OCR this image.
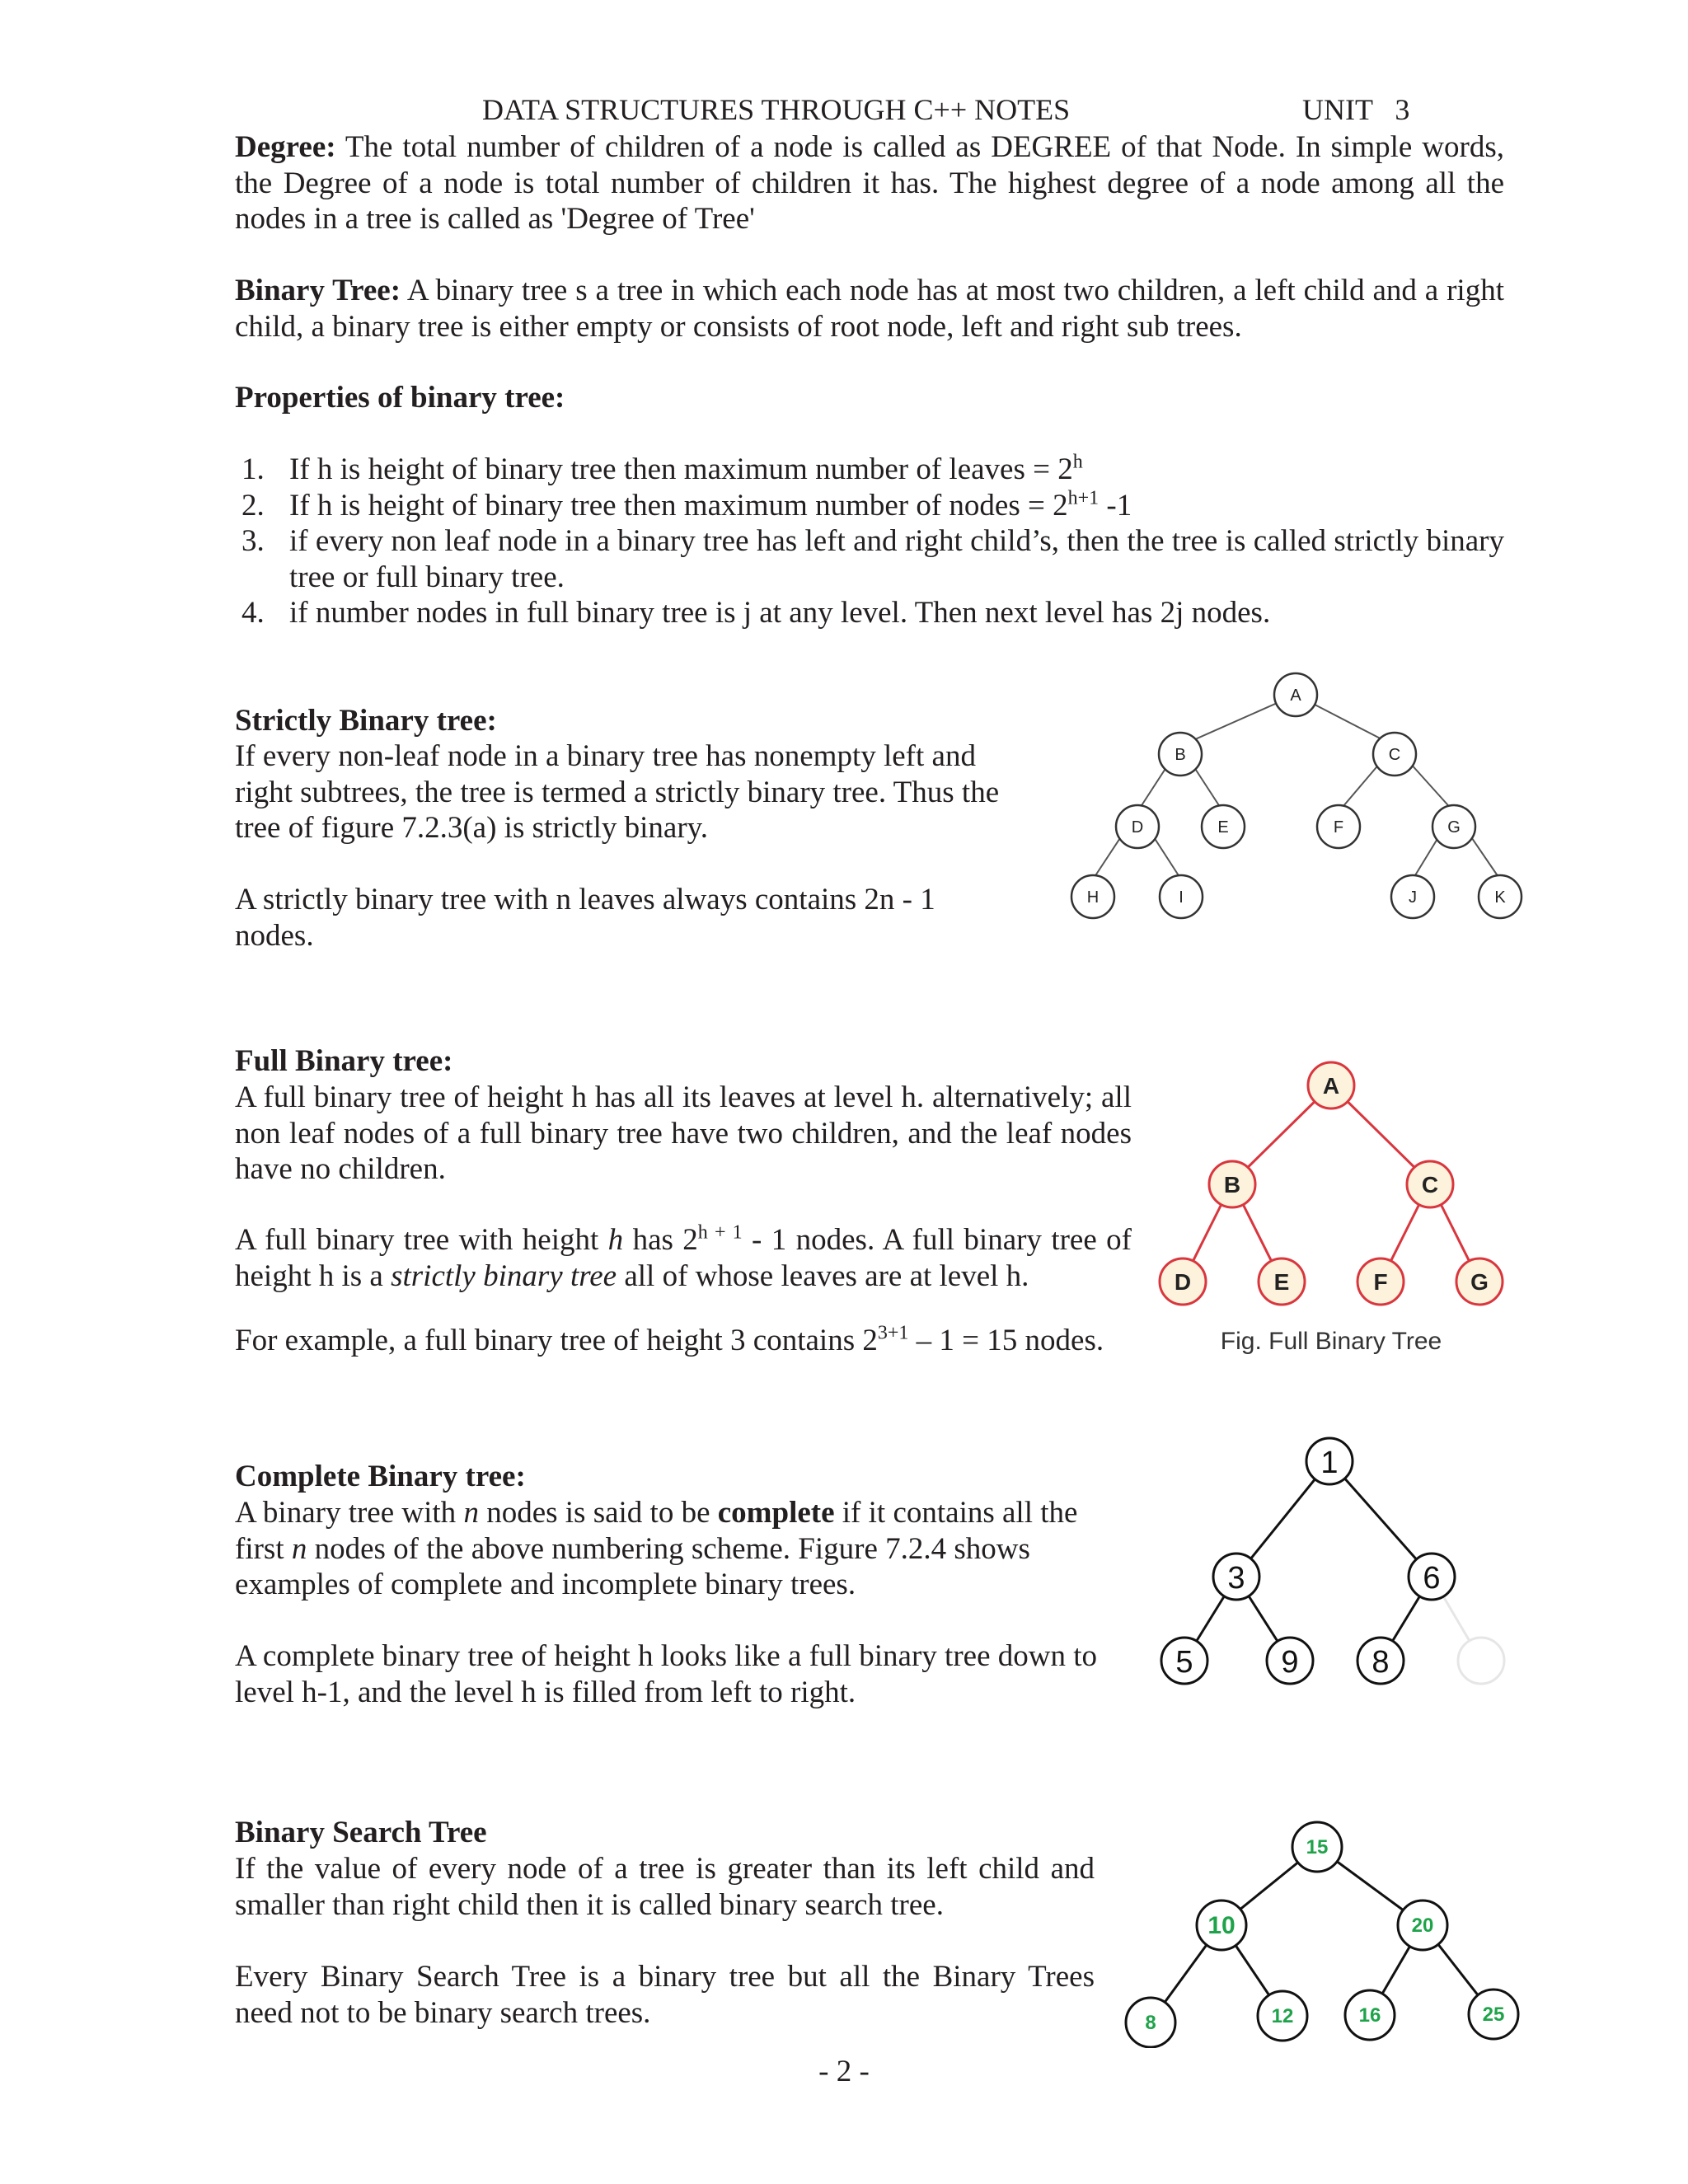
DATA STRUCTURES THROUGH C++ NOTES	UNIT   3
Degree: The total number of children of a node is called as DEGREE of that Node. In simple words, the Degree of a node is total number of children it has. The highest degree of a node among all the nodes in a tree is called as 'Degree of Tree'
Binary Tree: A binary tree s a tree in which each node has at most two children, a left child and a right child, a binary tree is either empty or consists of root node, left and right sub trees.
Properties of binary tree:
1. If h is height of binary tree then maximum number of leaves = $2^h$
2. If h is height of binary tree then maximum number of nodes = $2^{h+1}$ -1
3. if every non leaf node in a binary tree has left and right child’s, then the tree is called strictly binary tree or full binary tree.
4. if number nodes in full binary tree is j at any level. Then next level has 2j nodes.
Strictly Binary tree:
If every non-leaf node in a binary tree has nonempty left and right subtrees, the tree is termed a strictly binary tree. Thus the tree of figure 7.2.3(a) is strictly binary.
A strictly binary tree with n leaves always contains 2n - 1 nodes.
A
B	C
D	E	F	G
H	I	J	K
Full Binary tree:
A full binary tree of height h has all its leaves at level h. alternatively; all non leaf nodes of a full binary tree have two children, and the leaf nodes have no children.
A full binary tree with height h has $2^{h + 1} - 1$ nodes. A full binary tree of height h is a strictly binary tree all of whose leaves are at level h.
For example, a full binary tree of height 3 contains $2^{3+1} - 1 = 15$ nodes.
A
B	C
D	E	F	G
Fig. Full Binary Tree
Complete Binary tree:
A binary tree with n nodes is said to be complete if it contains all the first n nodes of the above numbering scheme. Figure 7.2.4 shows examples of complete and incomplete binary trees.
A complete binary tree of height h looks like a full binary tree down to level h-1, and the level h is filled from left to right.
1
3	6
5	9 8
Binary Search Tree
If the value of every node of a tree is greater than its left child and smaller than right child then it is called binary search tree.
Every Binary Search Tree is a binary tree but all the Binary Trees need not to be binary search trees.
15
10	20
8	12	16	25
- 2 -
